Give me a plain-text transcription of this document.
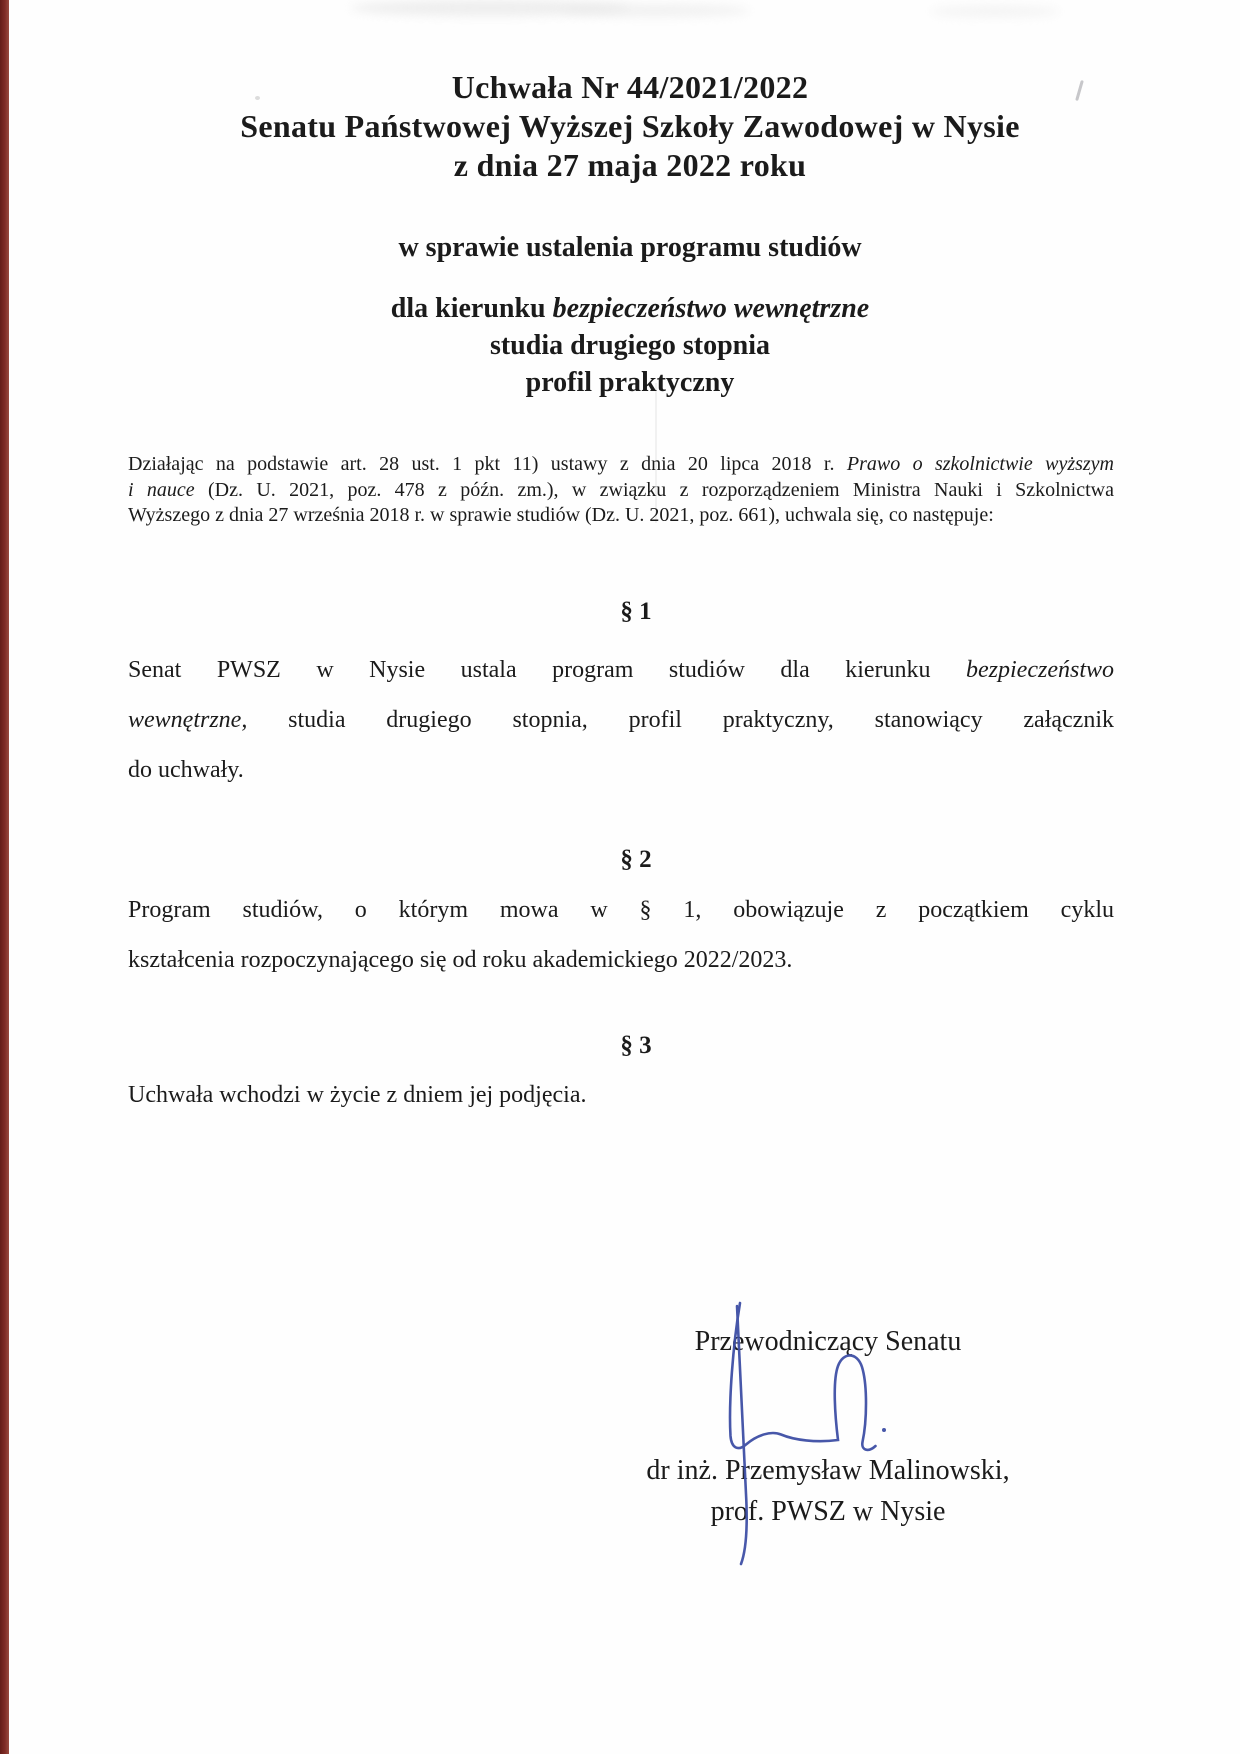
Uchwała Nr 44/2021/2022
Senatu Państwowej Wyższej Szkoły Zawodowej w Nysie
z dnia 27 maja 2022 roku
w sprawie ustalenia programu studiów
dla kierunku bezpieczeństwo wewnętrzne
studia drugiego stopnia
profil praktyczny
Działając na podstawie art. 28 ust. 1 pkt 11) ustawy z dnia 20 lipca 2018 r. Prawo o szkolnictwie wyższym
i nauce (Dz. U. 2021, poz. 478 z późn. zm.), w związku z rozporządzeniem Ministra Nauki i Szkolnictwa
Wyższego z dnia 27 września 2018 r. w sprawie studiów (Dz. U. 2021, poz. 661), uchwala się, co następuje:
§ 1
Senat PWSZ w Nysie ustala program studiów dla kierunku bezpieczeństwo
wewnętrzne, studia drugiego stopnia, profil praktyczny, stanowiący załącznik
do uchwały.
§ 2
Program studiów, o którym mowa w § 1, obowiązuje z początkiem cyklu
kształcenia rozpoczynającego się od roku akademickiego 2022/2023.
§ 3
Uchwała wchodzi w życie z dniem jej podjęcia.
Przewodniczący Senatu
dr inż. Przemysław Malinowski,
prof. PWSZ w Nysie
